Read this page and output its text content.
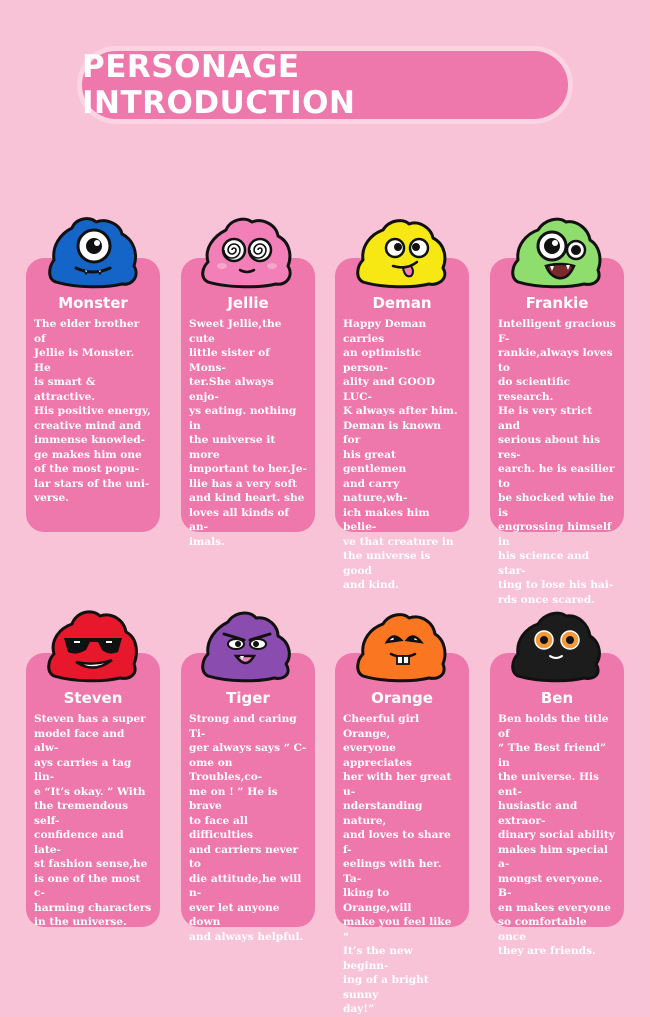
PERSONAGE INTRODUCTION
Monster
The elder brother of
Jellie is Monster. He
is smart & attractive.
His positive energy,
creative mind and
immense knowled-
ge makes him one
of the most popu-
lar stars of the uni-
verse.
Jellie
Sweet Jellie,the cute
little sister of Mons-
ter.She always enjo-
ys eating. nothing in
the universe it more
important to her.Je-
llie has a very soft
and kind heart. she
loves all kinds of an-
imals.
Deman
Happy Deman carries
an optimistic person-
ality and GOOD LUC-
K always after him.
Deman is known for
his great gentlemen
and carry nature,wh-
ich makes him belie-
ve that creature in
the universe is good
and kind.
Frankie
Intelligent gracious F-
rankie,always loves to
do scientific research.
He is very strict and
serious about his res-
earch. he is easilier to
be shocked whie he is
engrossing himself in
his science and star-
ting to lose his hai-
rds once scared.
Steven
Steven has a super
model face and alw-
ays carries a tag lin-
e “It’s okay. ” With
the tremendous self-
confidence and late-
st fashion sense,he
is one of the most c-
harming characters
in the universe.
Tiger
Strong and caring Ti-
ger always says “ C-
ome on Troubles,co-
me on ! ” He is brave
to face all difficulties
and carriers never to
die attitude,he will n-
ever let anyone down
and always helpful.
Orange
Cheerful girl Orange,
everyone appreciates
her with her great u-
nderstanding nature,
and loves to share f-
eelings with her. Ta-
lking to Orange,will
make you feel like “
It’s the new beginn-
ing of a bright sunny
day!”
Ben
Ben holds the title of
“ The Best friend” in
the universe. His ent-
husiastic and extraor-
dinary social ability
makes him special a-
mongst everyone. B-
en makes everyone
so comfortable once
they are friends.
